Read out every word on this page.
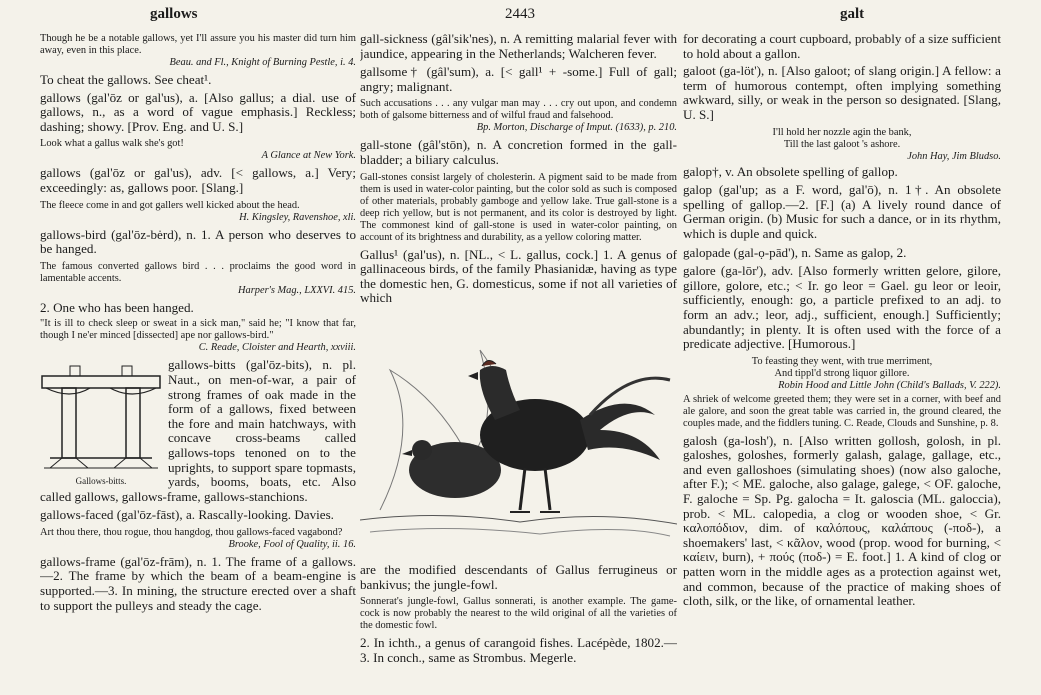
gallows	2443	galt

Though he be a notable gallows, yet I'll assure you his master did turn him away, even in this place.
Beau. and Fl., Knight of Burning Pestle, i. 4.

To cheat the gallows. See cheat¹.

gallows (gal'ōz or gal'us), a. [Also gallus; a dial. use of gallows, n., as a word of vague emphasis.] Reckless; dashing; showy. [Prov. Eng. and U. S.]

Look what a gallus walk she's got!
A Glance at New York.

gallows (gal'ōz or gal'us), adv. [< gallows, a.] Very; exceedingly: as, gallows poor. [Slang.]

The fleece come in and got gallers well kicked about the head.
H. Kingsley, Ravenshoe, xli.

gallows-bird (gal'ōz-bėrd), n. 1. A person who deserves to be hanged.

The famous converted gallows bird . . . proclaims the good word in lamentable accents.
Harper's Mag., LXXVI. 415.

2. One who has been hanged.

"It is ill to check sleep or sweat in a sick man," said he; "I know that far, though I ne'er minced [dissected] ape nor gallows-bird."
C. Reade, Cloister and Hearth, xxviii.

Gallows-bitts.

gallows-bitts (gal'ōz-bits), n. pl. Naut., on men-of-war, a pair of strong frames of oak made in the form of a gallows, fixed between the fore and main hatchways, with concave cross-beams called gallows-tops tenoned on to the uprights, to support spare topmasts, yards, booms, boats, etc. Also called gallows, gallows-frame, gallows-stanchions.

gallows-faced (gal'ōz-fāst), a. Rascally-looking. Davies.

Art thou there, thou rogue, thou hangdog, thou gallows-faced vagabond?
Brooke, Fool of Quality, ii. 16.

gallows-frame (gal'ōz-frām), n. 1. The frame of a gallows.—2. The frame by which the beam of a beam-engine is supported.—3. In mining, the structure erected over a shaft to support the pulleys and steady the cage.

gall-sickness (gâl'sik'nes), n. A remitting malarial fever with jaundice, appearing in the Netherlands; Walcheren fever.

gallsome† (gâl'sum), a. [< gall¹ + -some.] Full of gall; angry; malignant.

Such accusations . . . any vulgar man may . . . cry out upon, and condemn both of galsome bitterness and of wilful fraud and falsehood.
Bp. Morton, Discharge of Imput. (1633), p. 210.

gall-stone (gâl'stōn), n. A concretion formed in the gall-bladder; a biliary calculus.

Gall-stones consist largely of cholesterin. A pigment said to be made from them is used in water-color painting, but the color sold as such is composed of other materials, probably gamboge and yellow lake. True gall-stone is a deep rich yellow, but is not permanent, and its color is destroyed by light. The commonest kind of gall-stone is used in water-color painting, on account of its brightness and durability, as a yellow coloring matter.

Gallus¹ (gal'us), n. [NL., < L. gallus, cock.] 1. A genus of gallinaceous birds, of the family Phasianidæ, having as type the domestic hen, G. domesticus, some if not all varieties of which

are the modified descendants of Gallus ferrugineus or bankivus; the jungle-fowl.

Sonnerat's jungle-fowl, Gallus sonnerati, is another example. The game-cock is now probably the nearest to the wild original of all the varieties of the domestic fowl.

2. In ichth., a genus of carangoid fishes. Lacépède, 1802.—3. In conch., same as Strombus. Megerle.

for decorating a court cupboard, probably of a size sufficient to hold about a gallon.

galoot (ga-löt'), n. [Also galoot; of slang origin.] A fellow: a term of humorous contempt, often implying something awkward, silly, or weak in the person so designated. [Slang, U. S.]

I'll hold her nozzle agin the bank,
Till the last galoot 's ashore.
John Hay, Jim Bludso.

galop†, v. An obsolete spelling of gallop.

galop (gal'up; as a F. word, gal'ō), n. 1†. An obsolete spelling of gallop.—2. [F.] (a) A lively round dance of German origin. (b) Music for such a dance, or in its rhythm, which is duple and quick.

galopade (gal-ọ-pād'), n. Same as galop, 2.

galore (ga-lōr'), adv. [Also formerly written gelore, gilore, gillore, golore, etc.; < Ir. go leor = Gael. gu leor or leoir, sufficiently, enough: go, a particle prefixed to an adj. to form an adv.; leor, adj., sufficient, enough.] Sufficiently; abundantly; in plenty. It is often used with the force of a predicate adjective. [Humorous.]

To feasting they went, with true merriment,
And tippl'd strong liquor gillore.
Robin Hood and Little John (Child's Ballads, V. 222).

A shriek of welcome greeted them; they were set in a corner, with beef and ale galore, and soon the great table was carried in, the ground cleared, the couples made, and the fiddlers tuning. C. Reade, Clouds and Sunshine, p. 8.

galosh (ga-losh'), n. [Also written gollosh, golosh, in pl. galoshes, goloshes, formerly galash, galage, gallage, etc., and even galloshoes (simulating shoes) (now also galoche, after F.); < ME. galoche, also galage, galege, < OF. galoche, F. galoche = Sp. Pg. galocha = It. galoscia (ML. galoccia), prob. < ML. calopedia, a clog or wooden shoe, < Gr. καλοπόδιον, dim. of καλόπους, καλάπους (-ποδ-), a shoemakers' last, < κᾶλον, wood (prop. wood for burning, < καίειν, burn), + πούς (ποδ-) = E. foot.] 1. A kind of clog or patten worn in the middle ages as a protection against wet, and common, because of the practice of making shoes of cloth, silk, or the like, of ornamental leather.
